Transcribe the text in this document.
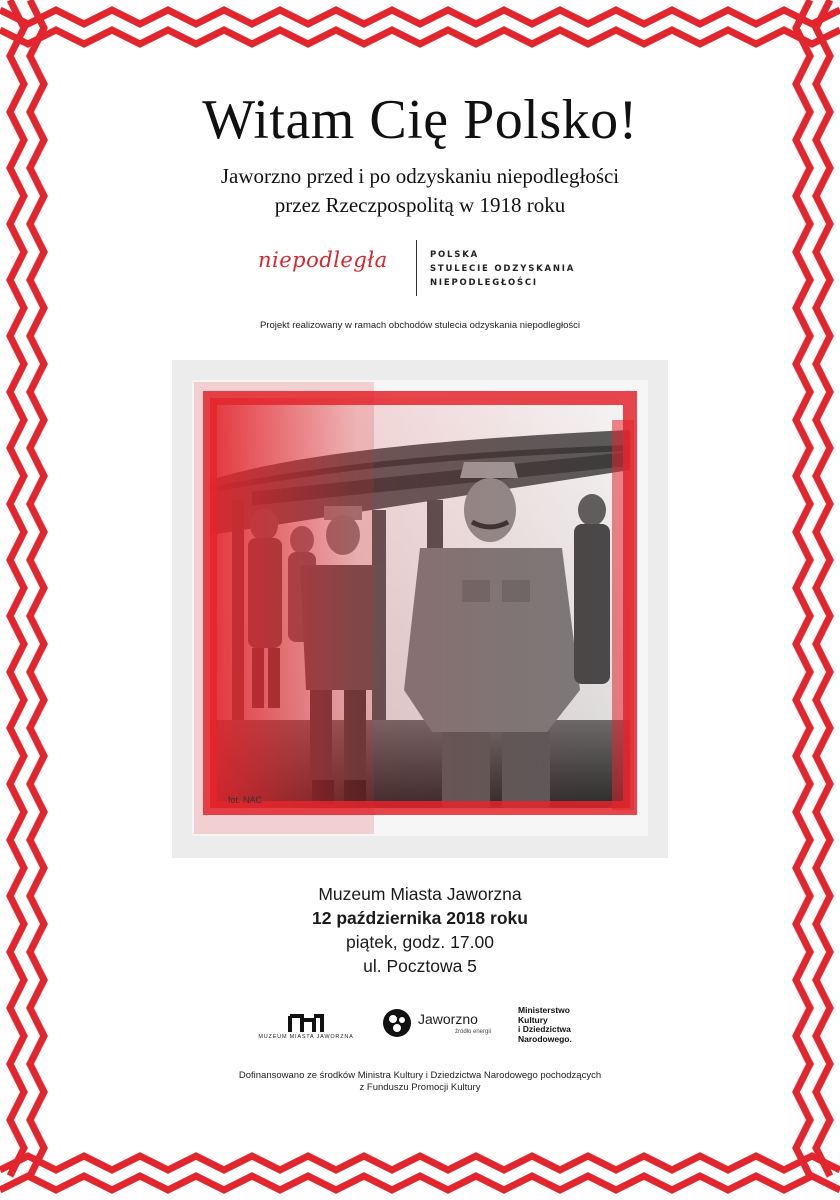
Witam Cię Polsko!
Jaworzno przed i po odzyskaniu niepodległości
przez Rzeczpospolitą w 1918 roku
niepodległa	POLSKA
STULECIE ODZYSKANIA
NIEPODLEGŁOŚCI
Projekt realizowany w ramach obchodów stulecia odzyskania niepodległości
fot. NAC
Muzeum Miasta Jaworzna
12 października 2018 roku
piątek, godz. 17.00
ul. Pocztowa 5
MUZEUM MIASTA JAWORZNA
Jaworzno
źródło energii
Ministerstwo
Kultury
i Dziedzictwa
Narodowego.
Dofinansowano ze środków Ministra Kultury i Dziedzictwa Narodowego pochodzących
z Funduszu Promocji Kultury
